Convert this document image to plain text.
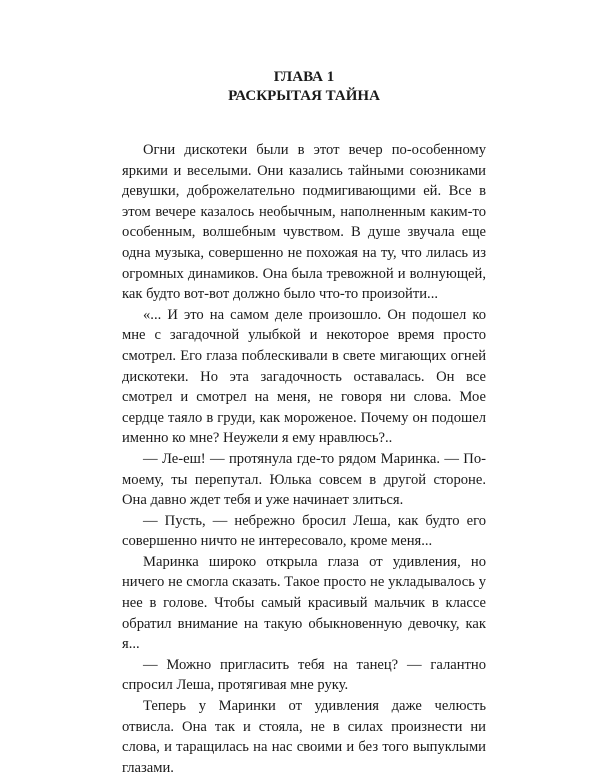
ГЛАВА 1
РАСКРЫТАЯ ТАЙНА

Огни дискотеки были в этот вечер по-особенному яркими и веселыми. Они казались тайными союзниками девушки, доброжелательно подмигивающими ей. Все в этом вечере казалось необычным, наполненным каким-то особенным, волшебным чувством. В душе звучала еще одна музыка, совершенно не похожая на ту, что лилась из огромных динамиков. Она была тревожной и волнующей, как будто вот-вот должно было что-то произойти...

«... И это на самом деле произошло. Он подошел ко мне с загадочной улыбкой и некоторое время просто смотрел. Его глаза поблескивали в свете мигающих огней дискотеки. Но эта загадочность оставалась. Он все смотрел и смотрел на меня, не говоря ни слова. Мое сердце таяло в груди, как мороженое. Почему он подошел именно ко мне? Неужели я ему нравлюсь?..

— Ле-еш! — протянула где-то рядом Маринка. — По-моему, ты перепутал. Юлька совсем в другой стороне. Она давно ждет тебя и уже начинает злиться.

— Пусть, — небрежно бросил Леша, как будто его совершенно ничто не интересовало, кроме меня...

Маринка широко открыла глаза от удивления, но ничего не смогла сказать. Такое просто не укладывалось у нее в голове. Чтобы самый красивый мальчик в классе обратил внимание на такую обыкновенную девочку, как я...

— Можно пригласить тебя на танец? — галантно спросил Леша, протягивая мне руку.

Теперь у Маринки от удивления даже челюсть отвисла. Она так и стояла, не в силах произнести ни слова, и таращилась на нас своими и без того выпуклыми глазами.
